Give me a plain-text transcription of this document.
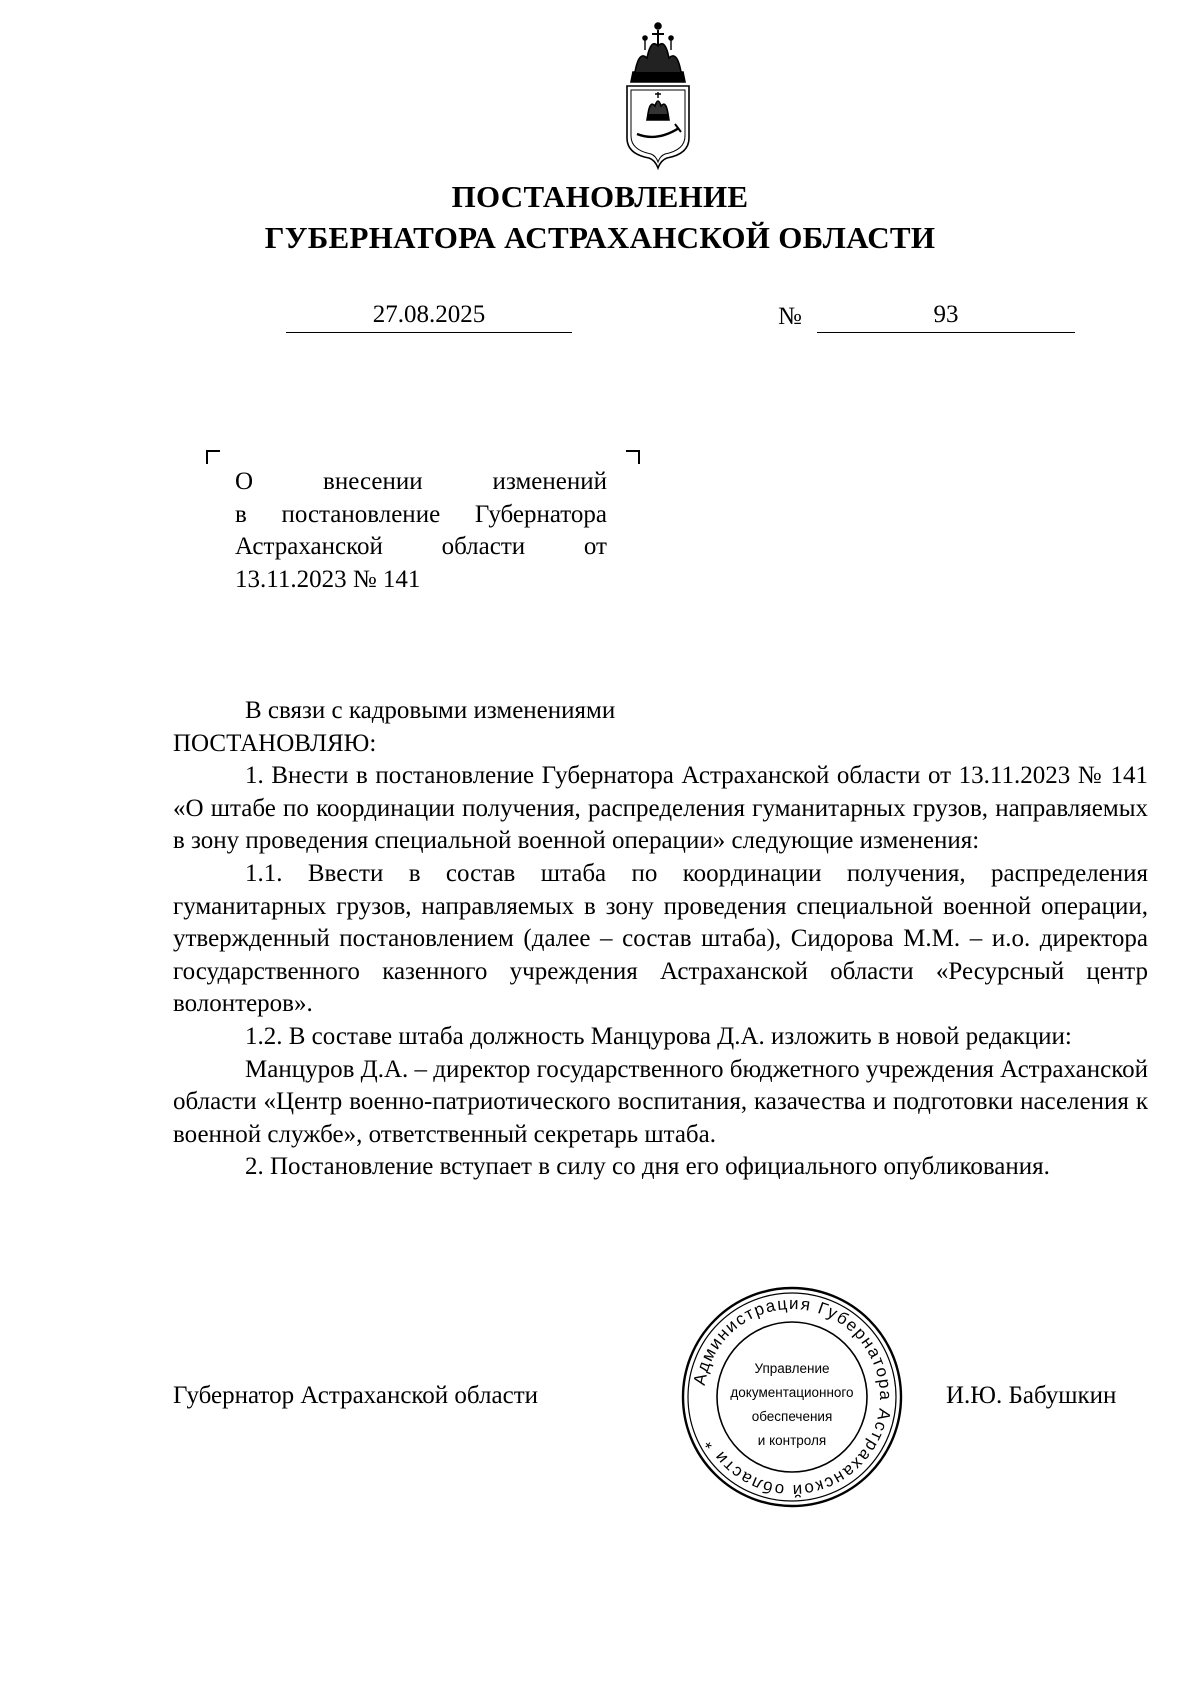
ПОСТАНОВЛЕНИЕ
ГУБЕРНАТОРА АСТРАХАНСКОЙ ОБЛАСТИ
27.08.2025	№	93
О внесении изменений
в постановление Губернатора
Астраханской области от
13.11.2023 № 141

В связи с кадровыми изменениями

ПОСТАНОВЛЯЮ:

1. Внести в постановление Губернатора Астраханской области от 13.11.2023 № 141 «О штабе по координации получения, распределения гуманитарных грузов, направляемых в зону проведения специальной военной операции» следующие изменения:

1.1. Ввести в состав штаба по координации получения, распределения гуманитарных грузов, направляемых в зону проведения специальной военной операции, утвержденный постановлением (далее – состав штаба), Сидорова М.М. – и.о. директора государственного казенного учреждения Астраханской области «Ресурсный центр волонтеров».

1.2. В составе штаба должность Манцурова Д.А. изложить в новой редакции:

Манцуров Д.А. – директор государственного бюджетного учреждения Астраханской области «Центр военно-патриотического воспитания, казачества и подготовки населения к военной службе», ответственный секретарь штаба.

2. Постановление вступает в силу со дня его официального опубликования.

Губернатор Астраханской области	И.Ю. Бабушкин
Администрация Губернатора Астраханской области *
Управление
документационного
обеспечения
и контроля
